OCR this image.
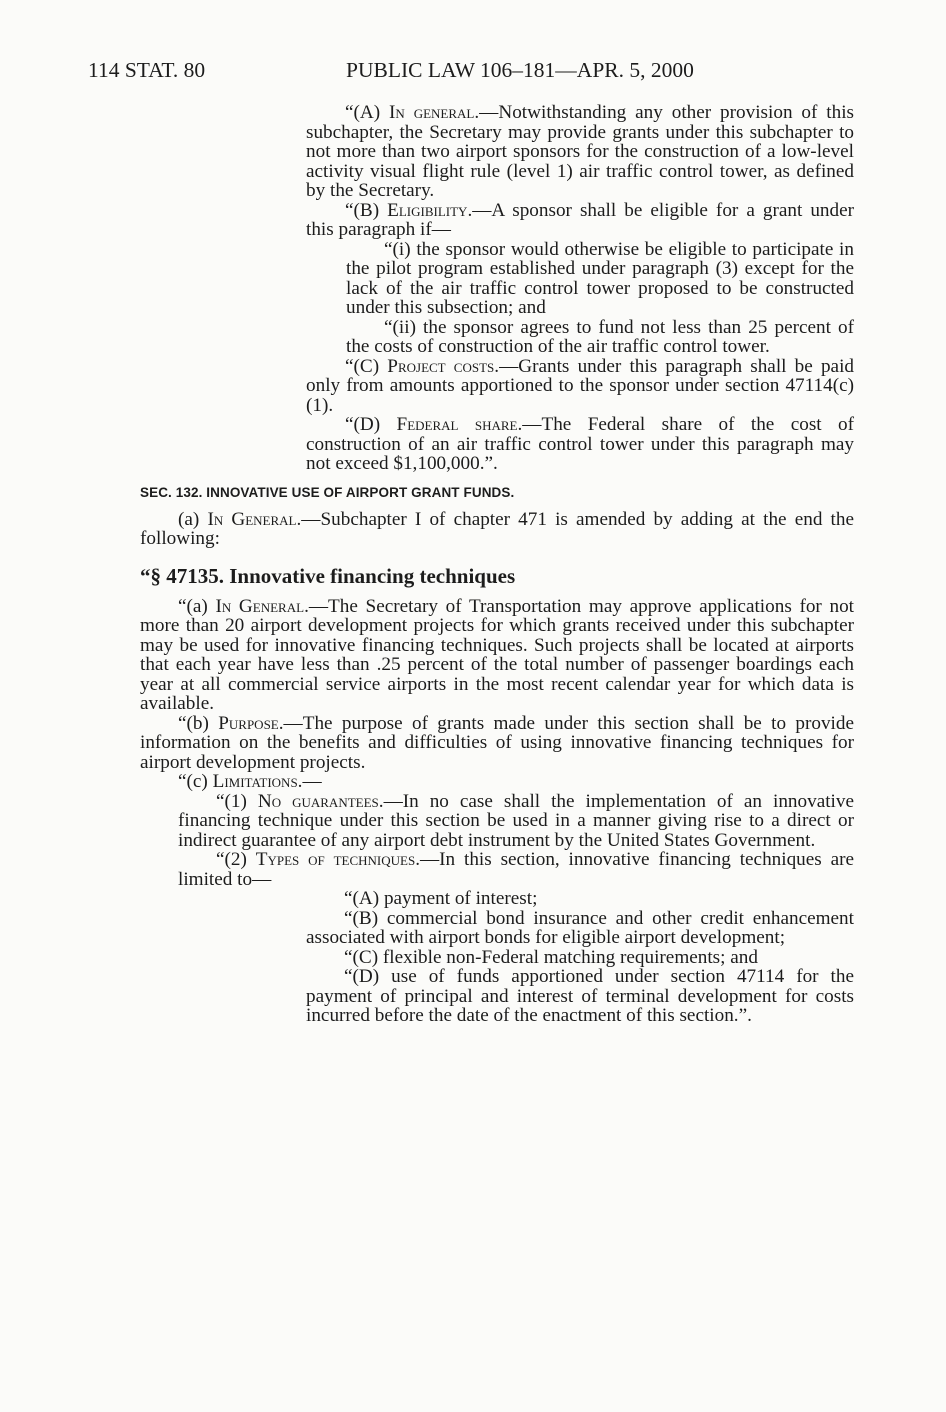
114 STAT. 80	PUBLIC LAW 106–181—APR. 5, 2000

“(A) In general.—Notwithstanding any other provision of this subchapter, the Secretary may provide grants under this subchapter to not more than two airport sponsors for the construction of a low-level activity visual flight rule (level 1) air traffic control tower, as defined by the Secretary.

“(B) Eligibility.—A sponsor shall be eligible for a grant under this paragraph if—

“(i) the sponsor would otherwise be eligible to participate in the pilot program established under paragraph (3) except for the lack of the air traffic control tower proposed to be constructed under this subsection; and

“(ii) the sponsor agrees to fund not less than 25 percent of the costs of construction of the air traffic control tower.

“(C) Project costs.—Grants under this paragraph shall be paid only from amounts apportioned to the sponsor under section 47114(c)(1).

“(D) Federal share.—The Federal share of the cost of construction of an air traffic control tower under this paragraph may not exceed $1,100,000.”.

SEC. 132. INNOVATIVE USE OF AIRPORT GRANT FUNDS.

(a) In General.—Subchapter I of chapter 471 is amended by adding at the end the following:

“§ 47135. Innovative financing techniques

“(a) In General.—The Secretary of Transportation may approve applications for not more than 20 airport development projects for which grants received under this subchapter may be used for innovative financing techniques. Such projects shall be located at airports that each year have less than .25 percent of the total number of passenger boardings each year at all commercial service airports in the most recent calendar year for which data is available.

“(b) Purpose.—The purpose of grants made under this section shall be to provide information on the benefits and difficulties of using innovative financing techniques for airport development projects.

“(c) Limitations.—

“(1) No guarantees.—In no case shall the implementation of an innovative financing technique under this section be used in a manner giving rise to a direct or indirect guarantee of any airport debt instrument by the United States Government.

“(2) Types of techniques.—In this section, innovative financing techniques are limited to—

“(A) payment of interest;

“(B) commercial bond insurance and other credit enhancement associated with airport bonds for eligible airport development;

“(C) flexible non-Federal matching requirements; and

“(D) use of funds apportioned under section 47114 for the payment of principal and interest of terminal development for costs incurred before the date of the enactment of this section.”.
